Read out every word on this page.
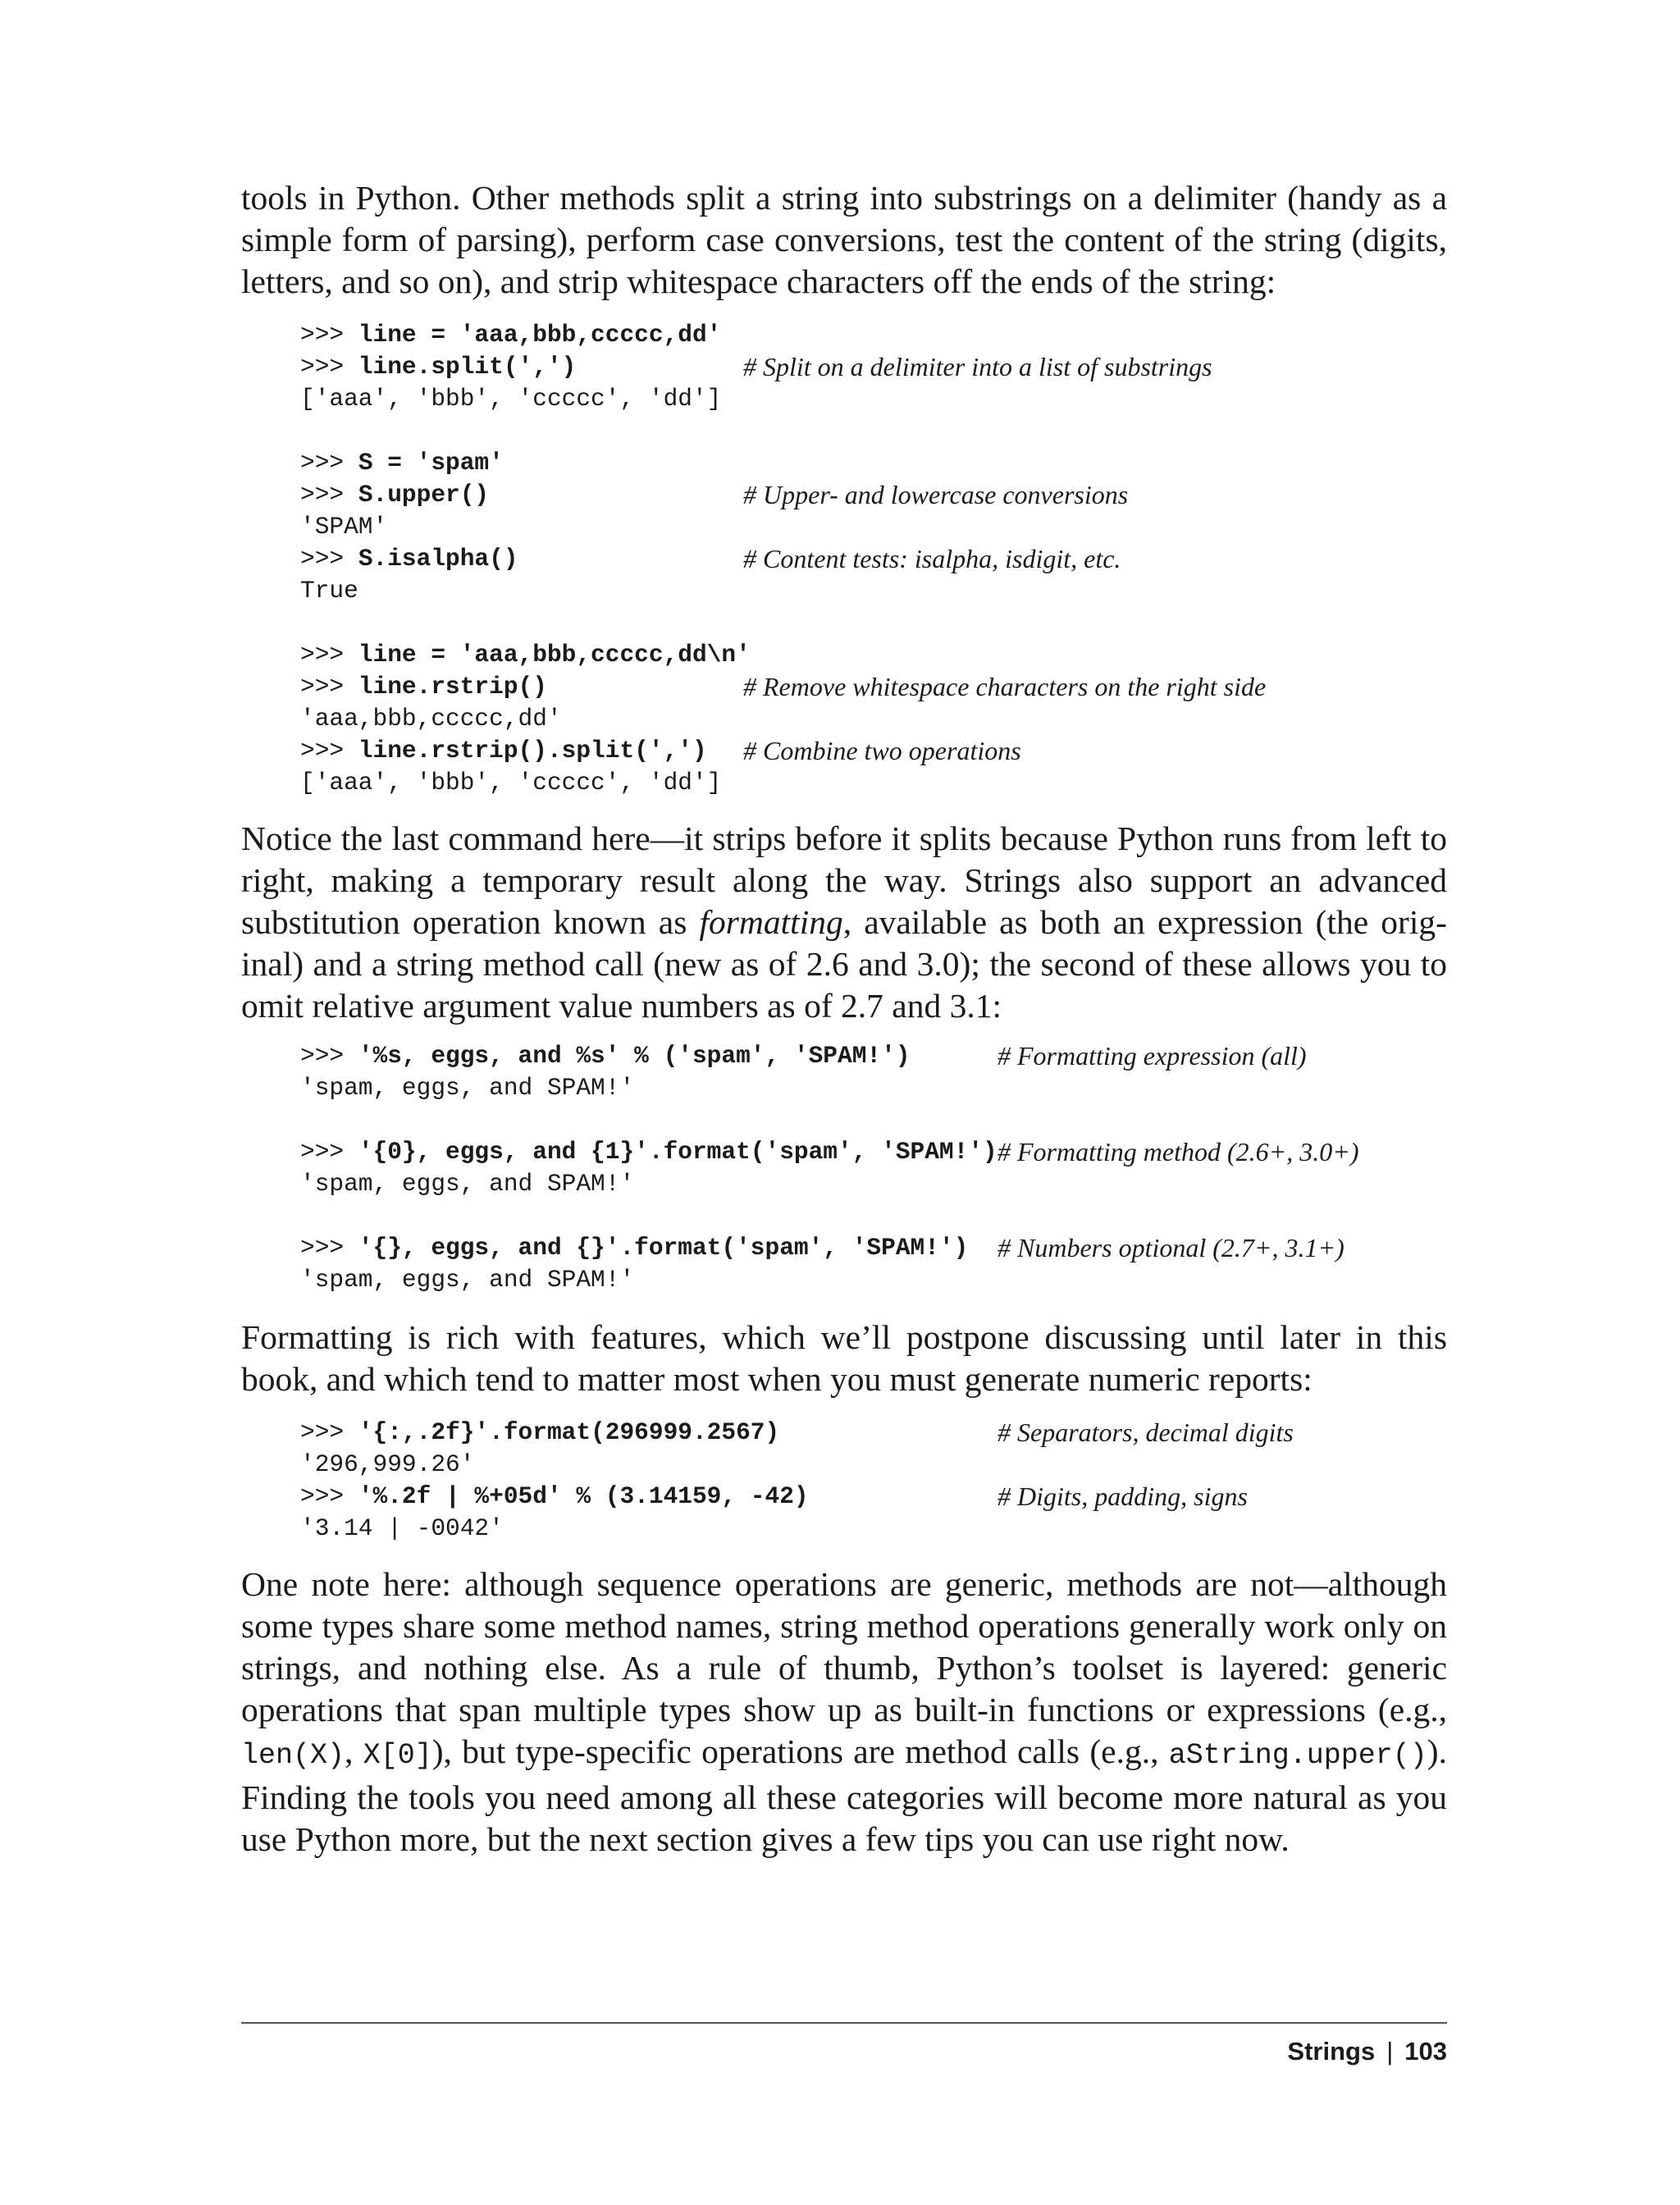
tools in Python. Other methods split a string into substrings on a delimiter (handy as a simple form of parsing), perform case conversions, test the content of the string (digits, letters, and so on), and strip whitespace characters off the ends of the string:

>>> line = 'aaa,bbb,ccccc,dd'
>>> line.split(',')	# Split on a delimiter into a list of substrings
['aaa', 'bbb', 'ccccc', 'dd']
>>> S = 'spam'
>>> S.upper()	# Upper- and lowercase conversions
'SPAM'
>>> S.isalpha()	# Content tests: isalpha, isdigit, etc.
True
>>> line = 'aaa,bbb,ccccc,dd\n'
>>> line.rstrip()	# Remove whitespace characters on the right side
'aaa,bbb,ccccc,dd'
>>> line.rstrip().split(',') # Combine two operations
['aaa', 'bbb', 'ccccc', 'dd']

Notice the last command here—it strips before it splits because Python runs from left to right, making a temporary result along the way. Strings also support an advanced substitution operation known as formatting, available as both an expression (the original) and a string method call (new as of 2.6 and 3.0); the second of these allows you to omit relative argument value numbers as of 2.7 and 3.1:

>>> '%s, eggs, and %s' % ('spam', 'SPAM!')	# Formatting expression (all)
'spam, eggs, and SPAM!'
>>> '{0}, eggs, and {1}'.format('spam', 'SPAM!') # Formatting method (2.6+, 3.0+)
'spam, eggs, and SPAM!'
>>> '{}, eggs, and {}'.format('spam', 'SPAM!') # Numbers optional (2.7+, 3.1+)
'spam, eggs, and SPAM!'

Formatting is rich with features, which we’ll postpone discussing until later in this book, and which tend to matter most when you must generate numeric reports:

>>> '{:,.2f}'.format(296999.2567)	# Separators, decimal digits
'296,999.26'
>>> '%.2f | %+05d' % (3.14159, -42)	# Digits, padding, signs
'3.14 | -0042'

One note here: although sequence operations are generic, methods are not—although some types share some method names, string method operations generally work only on strings, and nothing else. As a rule of thumb, Python’s toolset is layered: generic operations that span multiple types show up as built-in functions or expressions (e.g., len(X), X[0]), but type-specific operations are method calls (e.g., aString.upper()). Finding the tools you need among all these categories will become more natural as you use Python more, but the next section gives a few tips you can use right now.

Strings | 103
